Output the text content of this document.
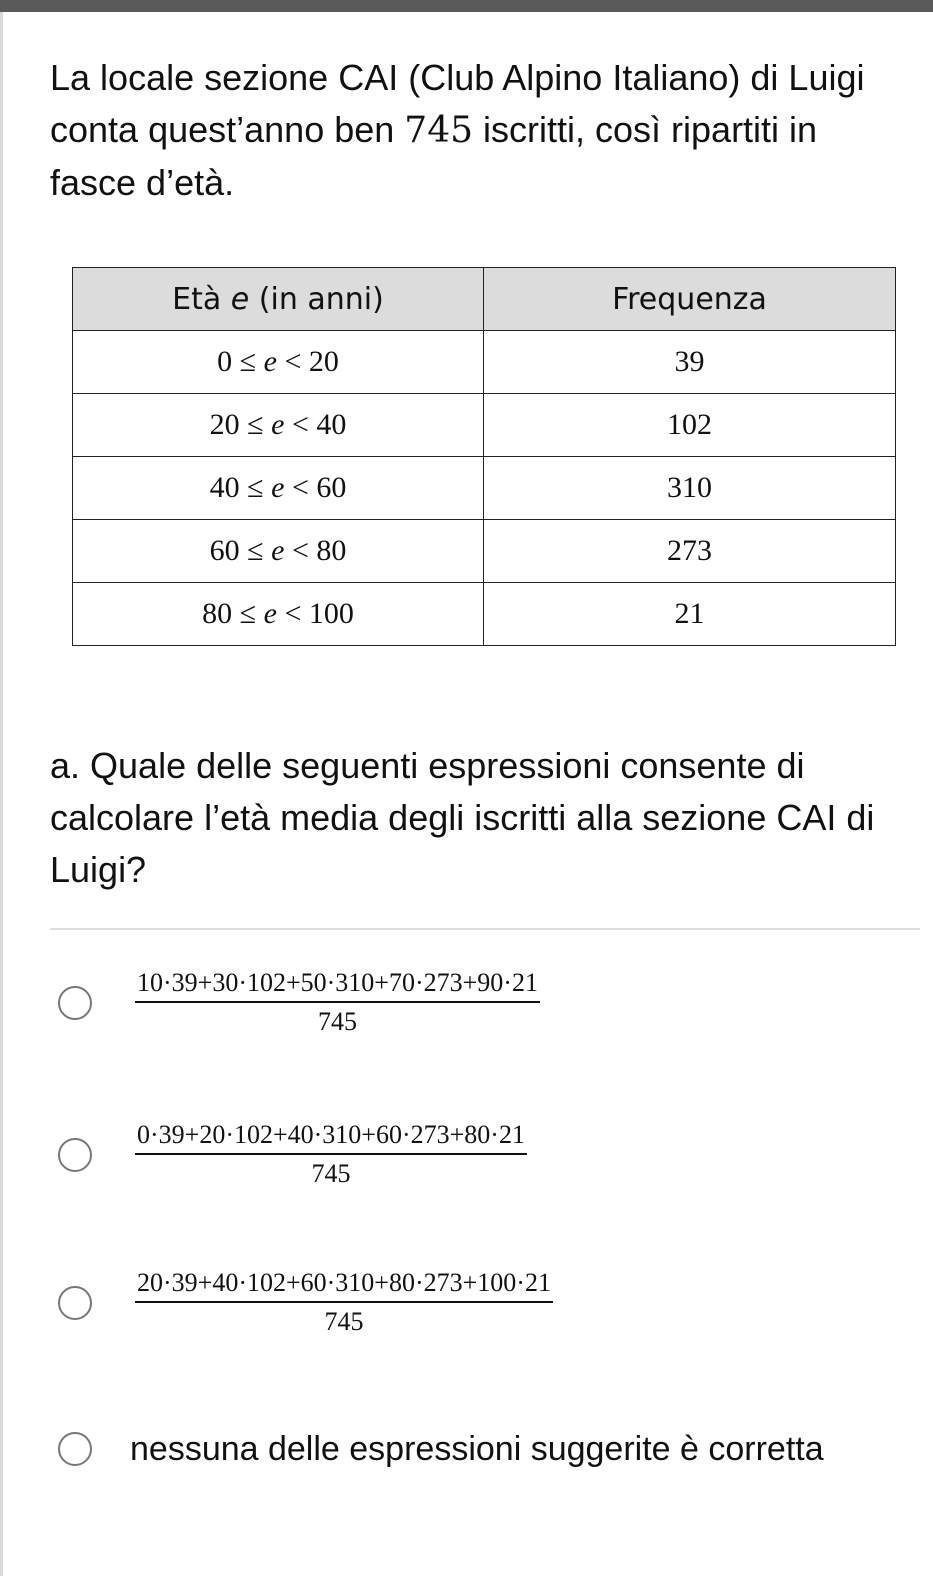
La locale sezione CAI (Club Alpino Italiano) di Luigi conta quest’anno ben 745 iscritti, così ripartiti in fasce d’età.

Età e (in anni)	Frequenza
0 ≤ e < 20	39
20 ≤ e < 40	102
40 ≤ e < 60	310
60 ≤ e < 80	273
80 ≤ e < 100	21

a. Quale delle seguenti espressioni consente di calcolare l’età media degli iscritti alla sezione CAI di Luigi?

$\frac{10\cdot 39+30\cdot 102+50\cdot 310+70\cdot 273+90\cdot 21}{745}$
$\frac{0\cdot 39+20\cdot 102+40\cdot 310+60\cdot 273+80\cdot 21}{745}$
$\frac{20\cdot 39+40\cdot 102+60\cdot 310+80\cdot 273+100\cdot 21}{745}$
nessuna delle espressioni suggerite è corretta
